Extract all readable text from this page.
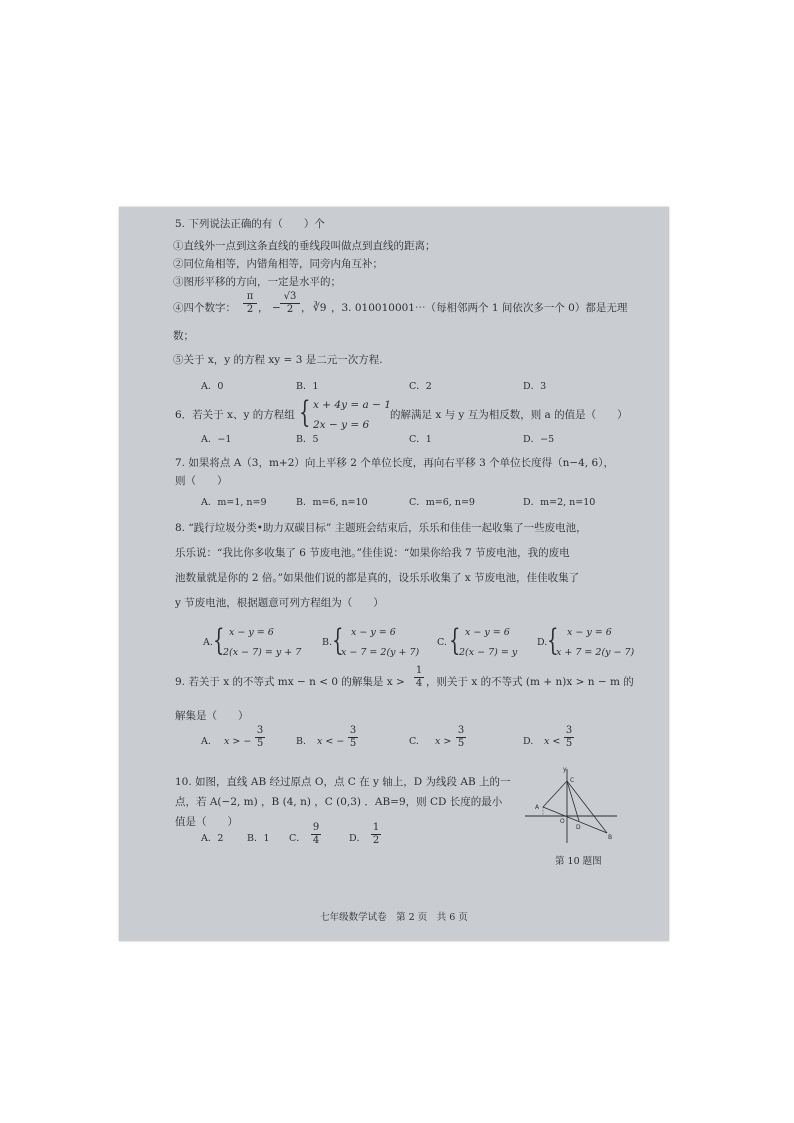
5. 下列说法正确的有（　　）个
①直线外一点到这条直线的垂线段叫做点到直线的距离；
②同位角相等，内错角相等，同旁内角互补；
③图形平移的方向，一定是水平的；
④四个数字：
π
2 ， −
√3
2 ， ∛9 ，3. 010010001⋯（每相邻两个 1 间依次多一个 0）都是无理
数；
⑤关于 x，y 的方程 xy = 3 是二元一次方程.
A．0	B．1	C．2	D．3
6．若关于 x、y 的方程组 { x + 4y = a − 1
2x − y = 6
的解满足 x 与 y 互为相反数，则 a 的值是（　　）
A．−1	B．5	C．1	D．−5
7. 如果将点 A（3，m+2）向上平移 2 个单位长度，再向右平移 3 个单位长度得（n−4, 6），
则（　　）
A．m=1, n=9	B．m=6, n=10	C．m=6, n=9	D．m=2, n=10
8. “践行垃圾分类•助力双碳目标” 主题班会结束后，乐乐和佳佳一起收集了一些废电池，
乐乐说：“我比你多收集了 6 节废电池。”佳佳说：“如果你给我 7 节废电池，我的废电
池数量就是你的 2 倍。”如果他们说的都是真的，设乐乐收集了 x 节废电池，佳佳收集了
y 节废电池，根据题意可列方程组为（　　）
A. { x − y = 6
2(x − 7) = y + 7
B. { x − y = 6
x − 7 = 2(y + 7)
C. { x − y = 6
2(x − 7) = y
D. { x − y = 6
x + 7 = 2(y − 7)
9. 若关于 x 的不等式 mx − n < 0 的解集是 x >
1
4 ，则关于 x 的不等式 (m + n)x > n − m 的
解集是（　　）
A. x > −
3
5	B. x < −
3
5	C. x >
3
5	D. x <
3
5
10. 如图，直线 AB 经过原点 O，点 C 在 y 轴上，D 为线段 AB 上的一
点，若 A(−2, m) ，B (4, n) ，C (0,3) ．AB=9，则 CD 长度的最小
值是（　　）
A．2 B．1 C．
9
4	D．
1
2
y
C
A
O
D
B
第 10 题图
七年级数学试卷　第 2 页　共 6 页
